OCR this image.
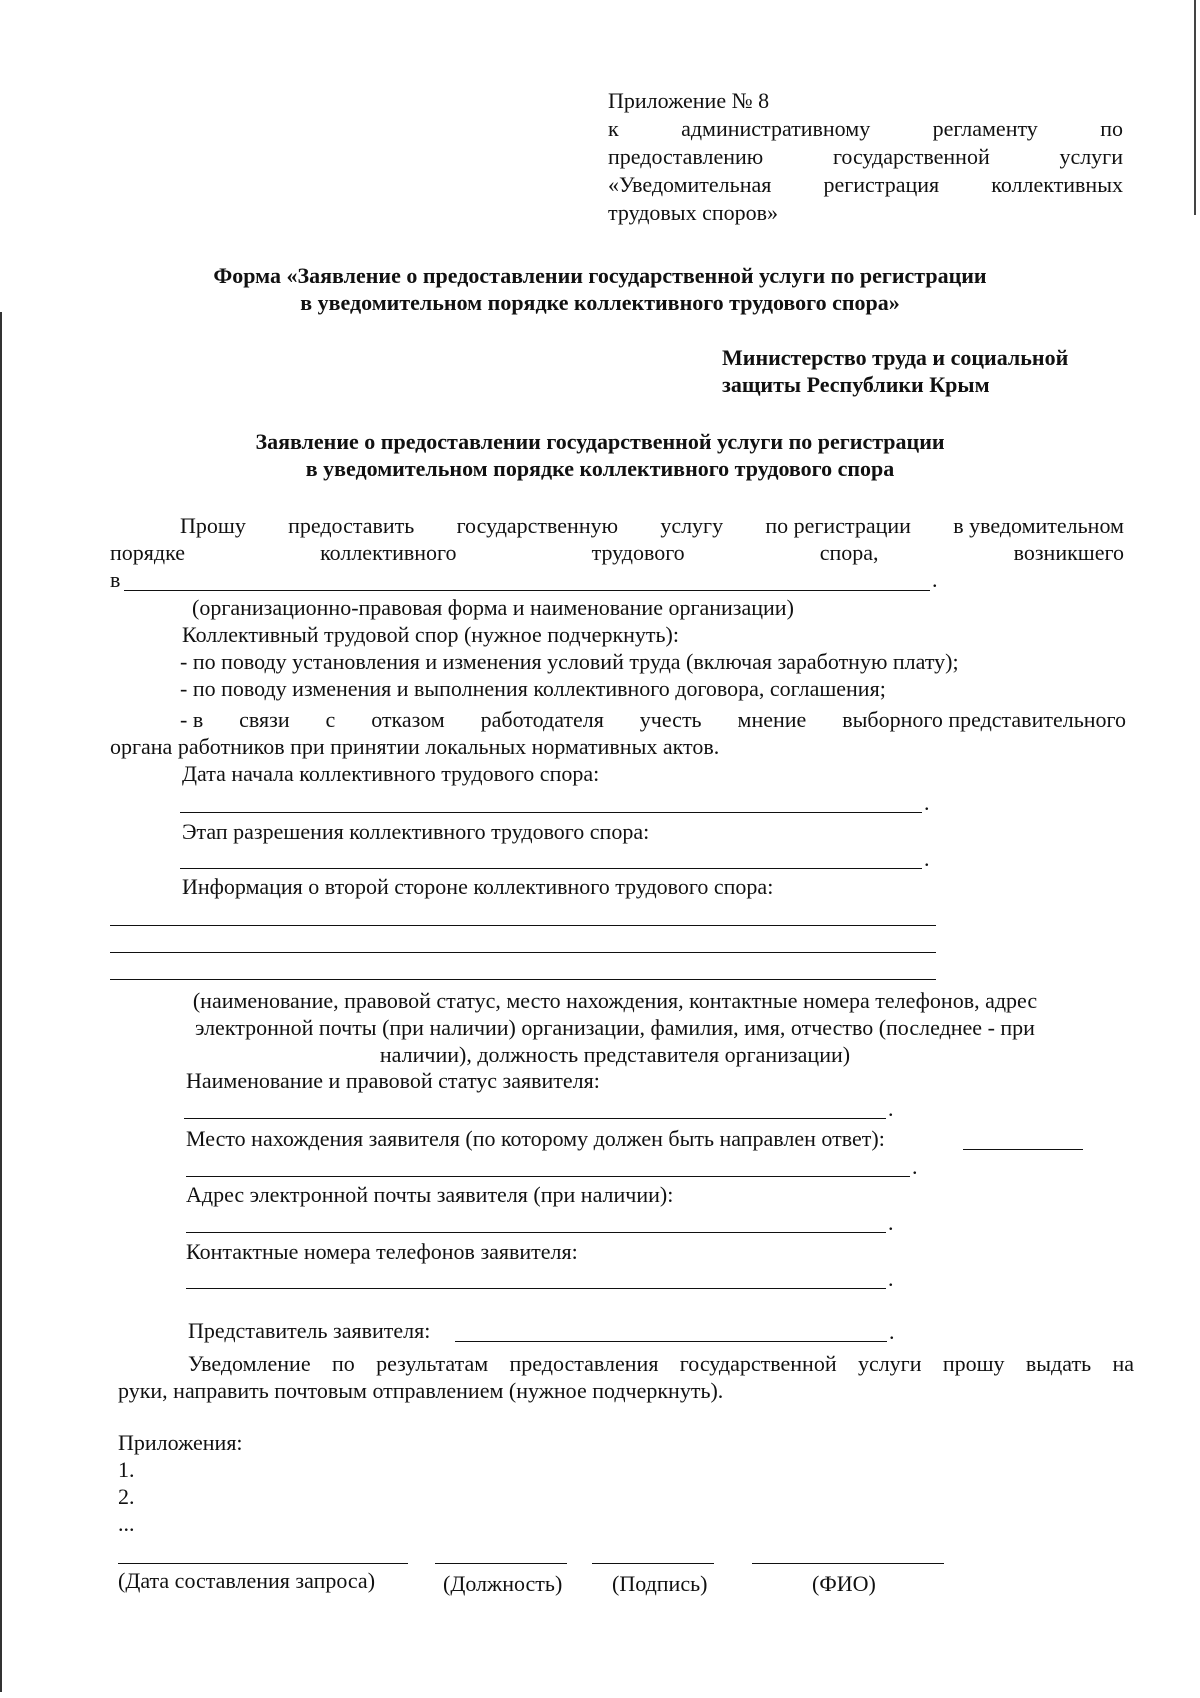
Приложение № 8
к	административному	регламенту	по
предоставлению	государственной	услуги
«Уведомительная регистрация коллективных
трудовых споров»
Форма «Заявление о предоставлении государственной услуги по регистрации
в уведомительном порядке коллективного трудового спора»
Министерство труда и социальной
защиты Республики Крым
Заявление о предоставлении государственной услуги по регистрации
в уведомительном порядке коллективного трудового спора
Прошу предоставить государственную услугу по регистрации в уведомительном
порядке	коллективного	трудового	спора,	возникшего
в	.
(организационно-правовая форма и наименование организации)
Коллективный трудовой спор (нужное подчеркнуть):
- по поводу установления и изменения условий труда (включая заработную плату);
- по поводу изменения и выполнения коллективного договора, соглашения;
- в связи с отказом работодателя учесть мнение выборного представительного
органа работников при принятии локальных нормативных актов.
Дата начала коллективного трудового спора:
.
Этап разрешения коллективного трудового спора:
.
Информация о второй стороне коллективного трудового спора:
(наименование, правовой статус, место нахождения, контактные номера телефонов, адрес
электронной почты (при наличии) организации, фамилия, имя, отчество (последнее - при
наличии), должность представителя организации)
Наименование и правовой статус заявителя:
.
Место нахождения заявителя (по которому должен быть направлен ответ):
.
Адрес электронной почты заявителя (при наличии):
.
Контактные номера телефонов заявителя:
.
Представитель заявителя:	.
Уведомление по результатам предоставления государственной услуги прошу выдать на
руки, направить почтовым отправлением (нужное подчеркнуть).
Приложения:
1.
2.
...
(Дата составления запроса)	(Должность) (Подпись)	(ФИО)
